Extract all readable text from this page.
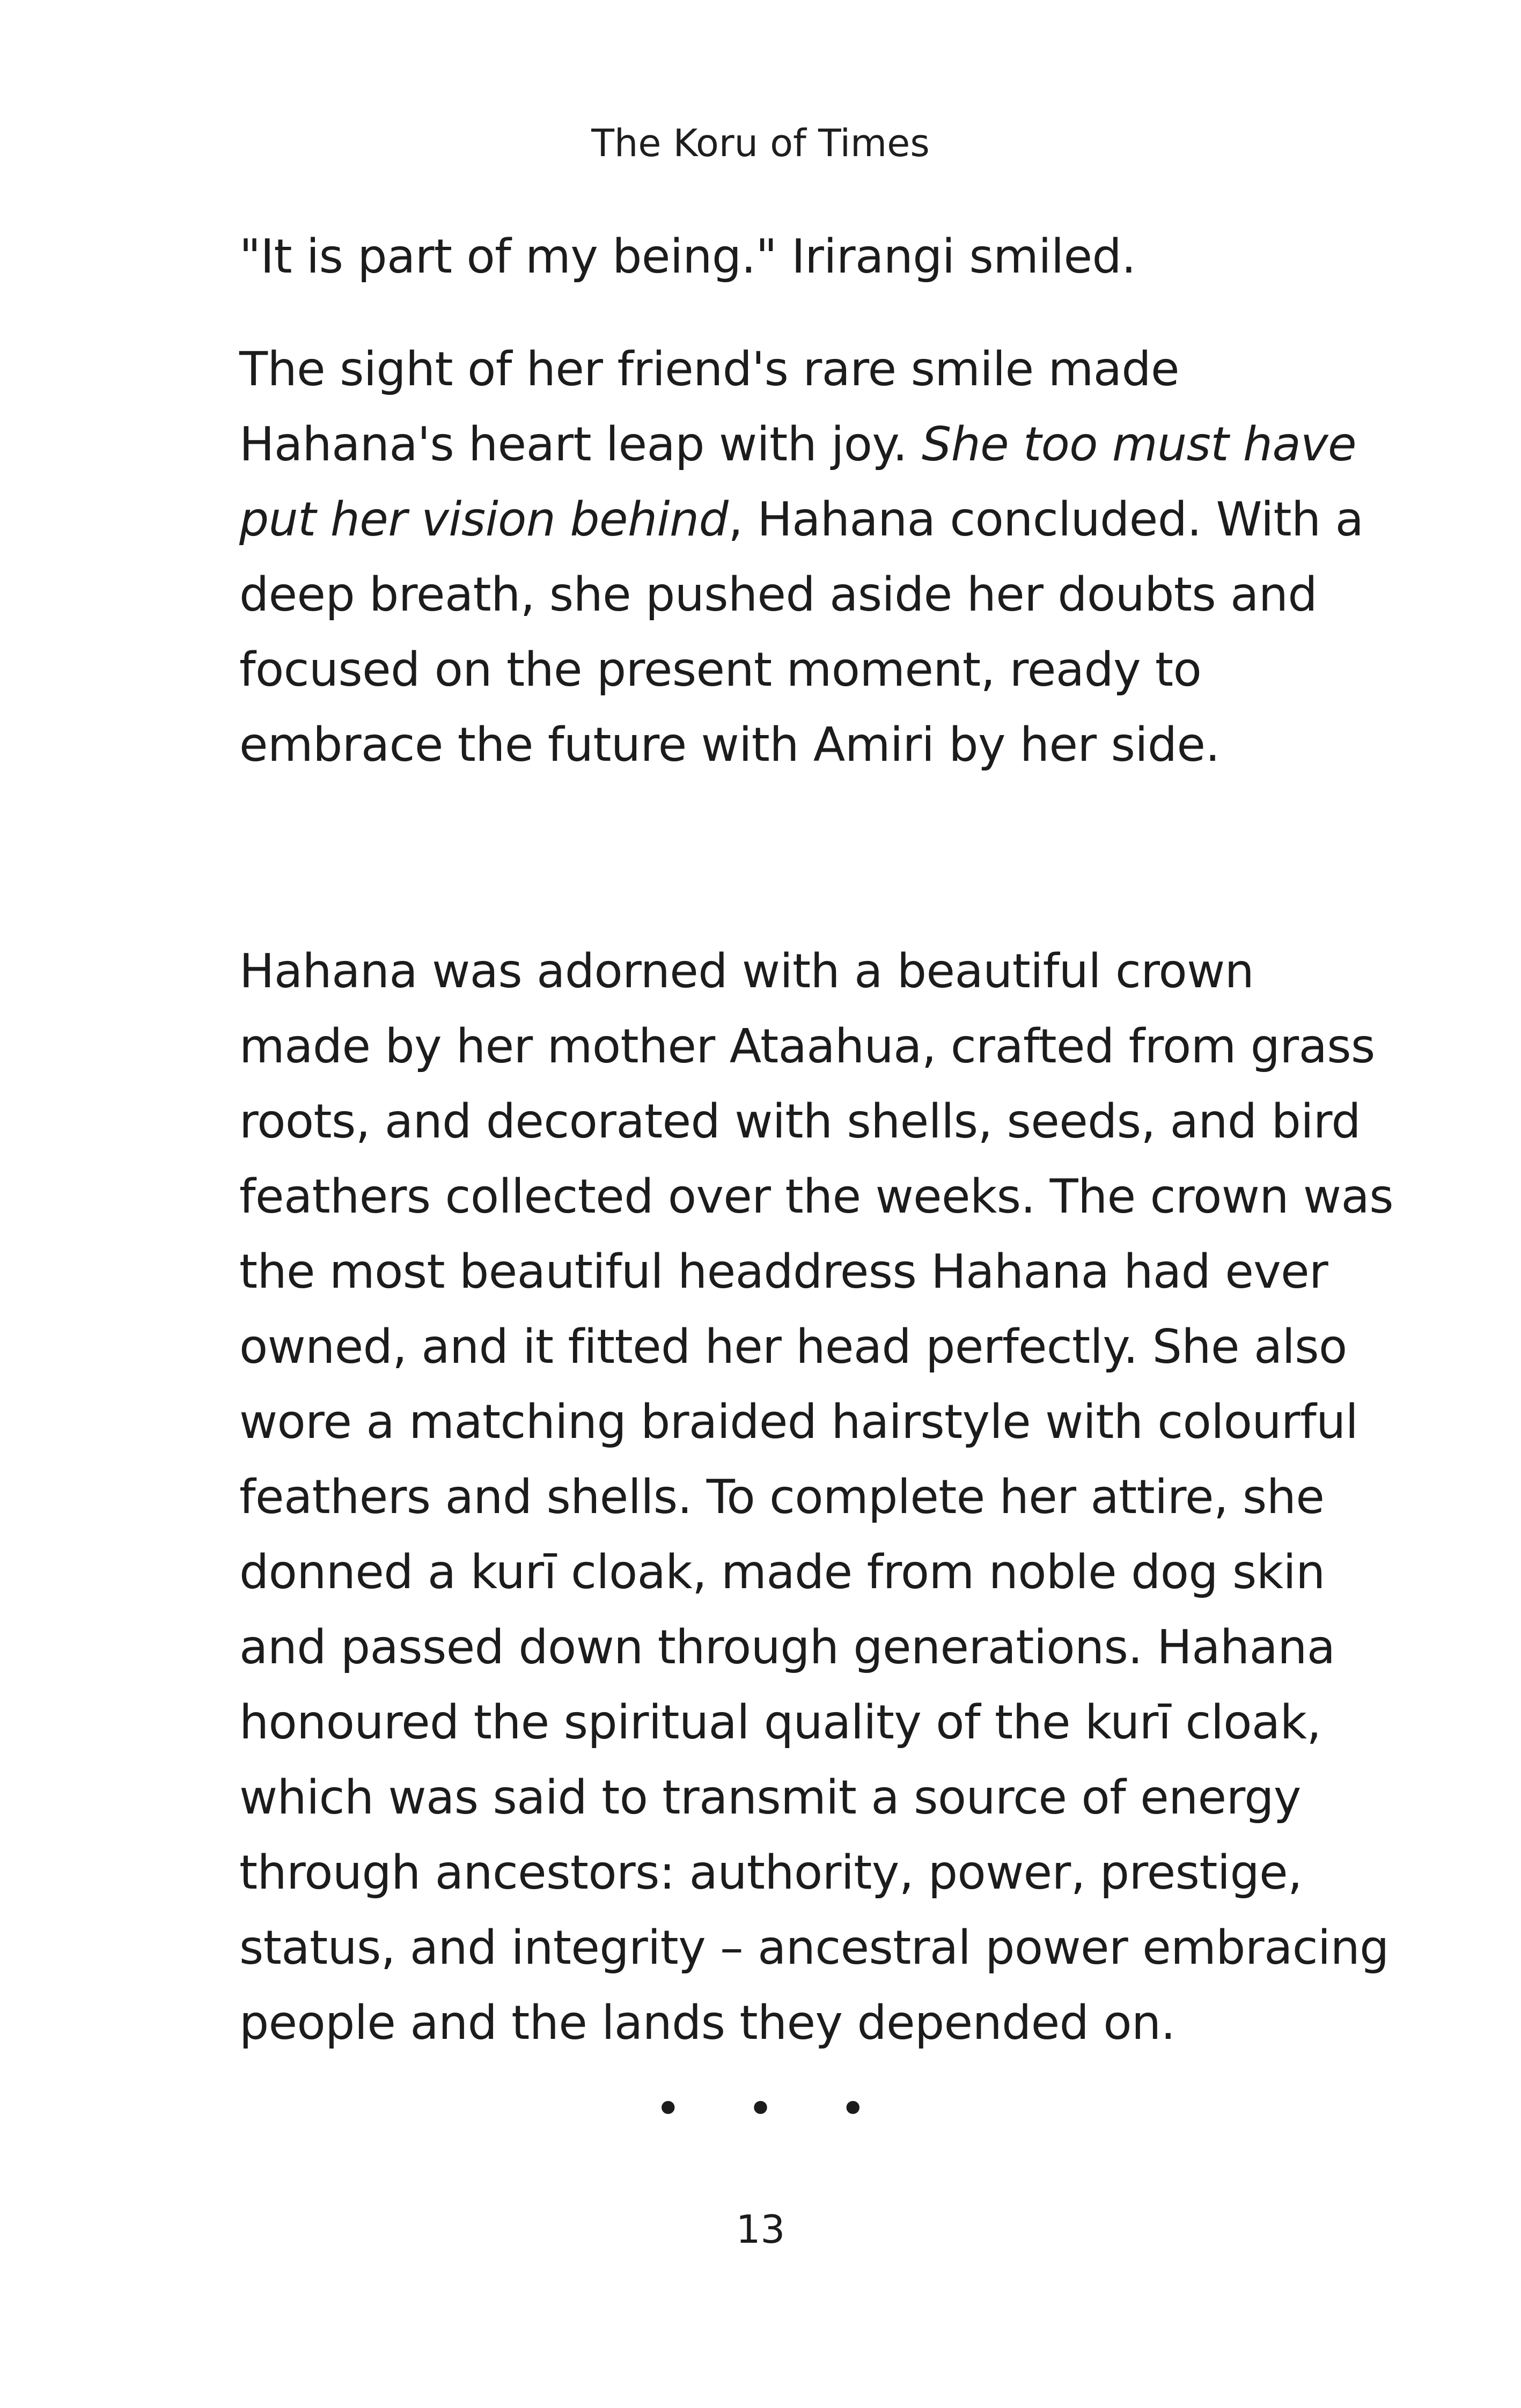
The Koru of Times
"It is part of my being." Irirangi smiled.
The sight of her friend's rare smile made
Hahana's heart leap with joy. She too must have
put her vision behind, Hahana concluded. With a
deep breath, she pushed aside her doubts and
focused on the present moment, ready to
embrace the future with Amiri by her side.
Hahana was adorned with a beautiful crown
made by her mother Ataahua, crafted from grass
roots, and decorated with shells, seeds, and bird
feathers collected over the weeks. The crown was
the most beautiful headdress Hahana had ever
owned, and it fitted her head perfectly. She also
wore a matching braided hairstyle with colourful
feathers and shells. To complete her attire, she
donned a kurī cloak, made from noble dog skin
and passed down through generations. Hahana
honoured the spiritual quality of the kurī cloak,
which was said to transmit a source of energy
through ancestors: authority, power, prestige,
status, and integrity – ancestral power embracing
people and the lands they depended on.
• • •
13
